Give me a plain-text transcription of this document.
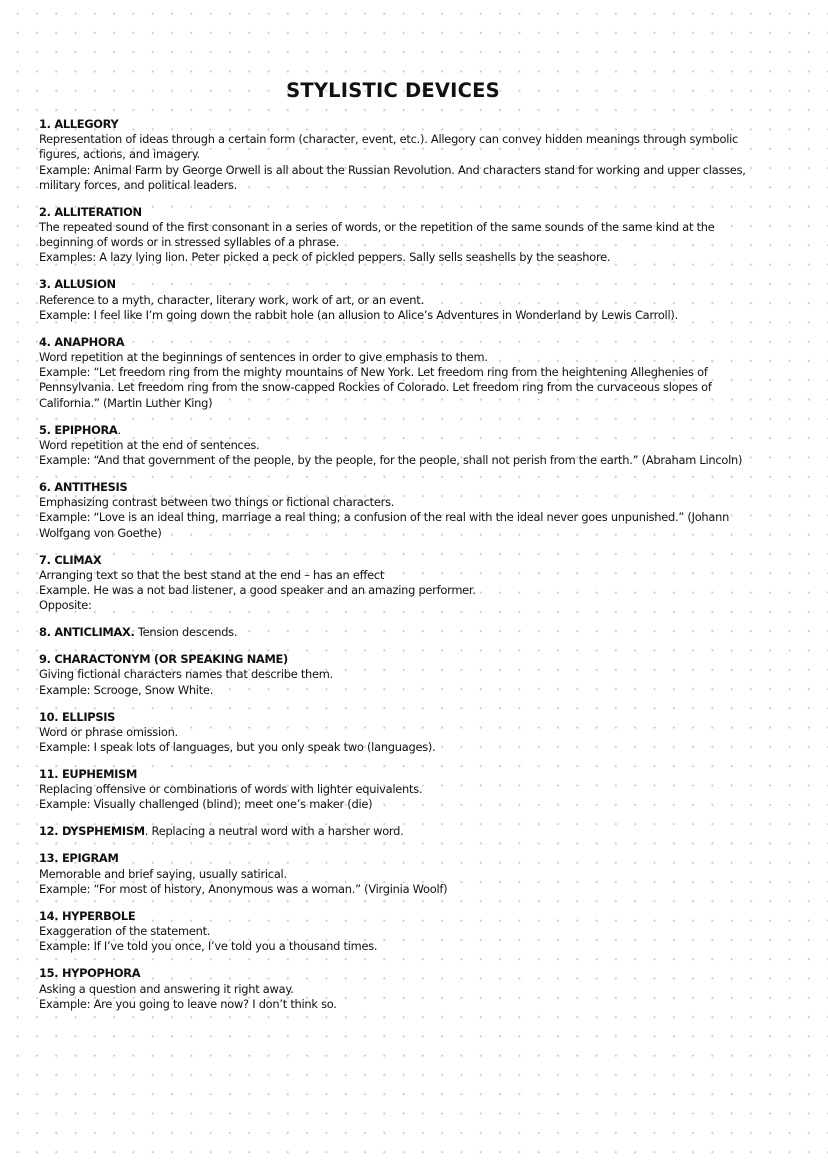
STYLISTIC DEVICES

1. ALLEGORY

Representation of ideas through a certain form (character, event, etc.). Allegory can convey hidden meanings through symbolic figures, actions, and imagery.

Example: Animal Farm by George Orwell is all about the Russian Revolution. And characters stand for working and upper classes, military forces, and political leaders.

2. ALLITERATION

The repeated sound of the first consonant in a series of words, or the repetition of the same sounds of the same kind at the beginning of words or in stressed syllables of a phrase.

Examples: A lazy lying lion. Peter picked a peck of pickled peppers. Sally sells seashells by the seashore.

3. ALLUSION

Reference to a myth, character, literary work, work of art, or an event.

Example: I feel like I’m going down the rabbit hole (an allusion to Alice’s Adventures in Wonderland by Lewis Carroll).

4. ANAPHORA

Word repetition at the beginnings of sentences in order to give emphasis to them.

Example: “Let freedom ring from the mighty mountains of New York. Let freedom ring from the heightening Alleghenies of Pennsylvania. Let freedom ring from the snow-capped Rockies of Colorado. Let freedom ring from the curvaceous slopes of California.” (Martin Luther King)

5. EPIPHORA.

Word repetition at the end of sentences.

Example: “And that government of the people, by the people, for the people, shall not perish from the earth.” (Abraham Lincoln)

6. ANTITHESIS

Emphasizing contrast between two things or fictional characters.

Example: “Love is an ideal thing, marriage a real thing; a confusion of the real with the ideal never goes unpunished.” (Johann Wolfgang von Goethe)

7. CLIMAX

Arranging text so that the best stand at the end – has an effect

Example. He was a not bad listener, a good speaker and an amazing performer.

Opposite:

8. ANTICLIMAX. Tension descends.

9. CHARACTONYM (OR SPEAKING NAME)

Giving fictional characters names that describe them.

Example: Scrooge, Snow White.

10. ELLIPSIS

Word or phrase omission.

Example: I speak lots of languages, but you only speak two (languages).

11. EUPHEMISM

Replacing offensive or combinations of words with lighter equivalents.

Example: Visually challenged (blind); meet one’s maker (die)

12. DYSPHEMISM. Replacing a neutral word with a harsher word.

13. EPIGRAM

Memorable and brief saying, usually satirical.

Example: “For most of history, Anonymous was a woman.” (Virginia Woolf)

14. HYPERBOLE

Exaggeration of the statement.

Example: If I’ve told you once, I’ve told you a thousand times.

15. HYPOPHORA

Asking a question and answering it right away.

Example: Are you going to leave now? I don’t think so.
